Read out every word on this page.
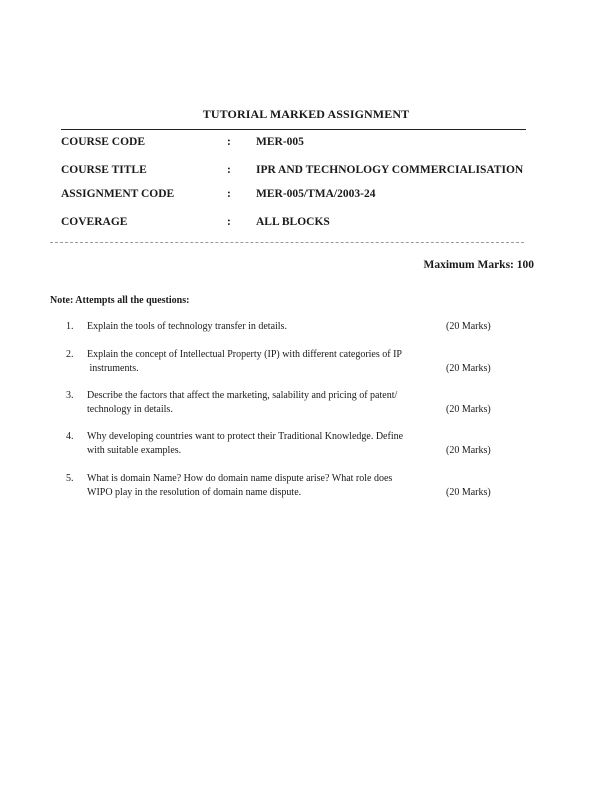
TUTORIAL MARKED ASSIGNMENT
COURSE CODE	: MER-005
COURSE TITLE	: IPR AND TECHNOLOGY COMMERCIALISATION
ASSIGNMENT CODE	: MER-005/TMA/2003-24
COVERAGE	: ALL BLOCKS
Maximum Marks: 100
Note: Attempts all the questions:
1. Explain the tools of technology transfer in details.	(20 Marks)
2. Explain the concept of Intellectual Property (IP) with different categories of IP
instruments.	(20 Marks)
3. Describe the factors that affect the marketing, salability and pricing of patent/
technology in details.	(20 Marks)
4. Why developing countries want to protect their Traditional Knowledge. Define
with suitable examples.	(20 Marks)
5. What is domain Name? How do domain name dispute arise? What role does
WIPO play in the resolution of domain name dispute.	(20 Marks)
